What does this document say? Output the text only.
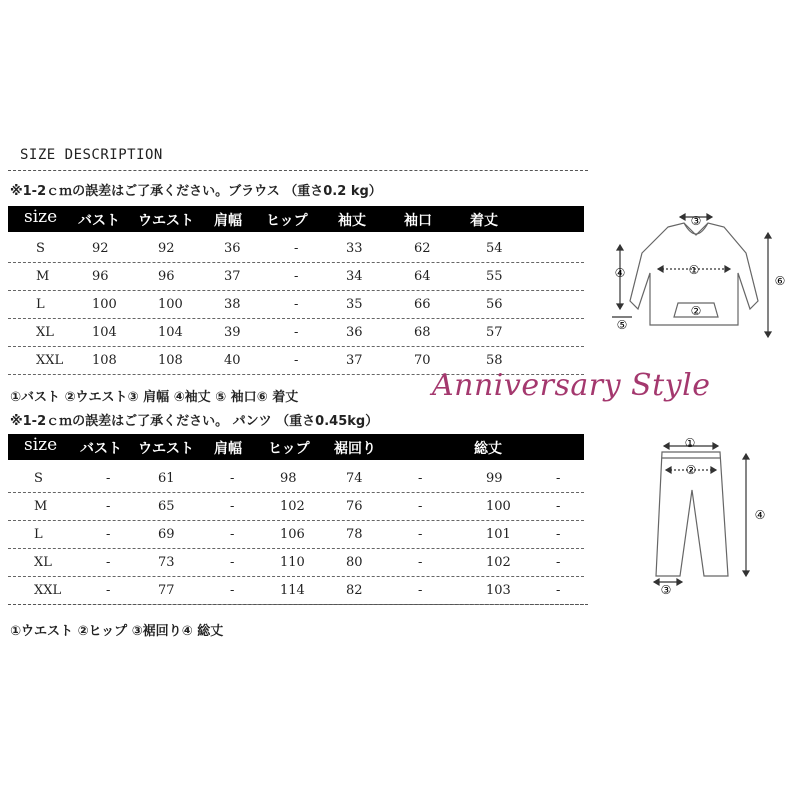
SIZE DESCRIPTION
※1-2ｃｍの誤差はご了承ください。ブラウス （重さ0.2 kg）
size バスト ウエスト 肩幅 ヒップ 袖丈	袖口	着丈
S	92	92	36	-	33	62	54
M	96	96	37	-	34	64	55
L	100	100	38	-	35	66	56
XL	104	104	39	-	36	68	57
XXL 108	108	40	-	37	70	58
①バスト ②ウエスト③ 肩幅 ④袖丈 ⑤ 袖口⑥ 着丈	Anniversary Style
※1-2ｃｍの誤差はご了承ください。 パンツ （重さ0.45kg）
size バスト ウエスト 肩幅 ヒップ 裾回り	総丈
S	-	61	-	98	74	-	99	-
M	-	65	-	102	76	-	100	-
L	-	69	-	106	78	-	101	-
XL	-	73	-	110	80	-	102	-
XXL	-	77	-	114	82	-	103	-
①ウエスト ②ヒップ ③裾回り④ 総丈
③
④	①
②
⑥
⑤
①
②
④
③
